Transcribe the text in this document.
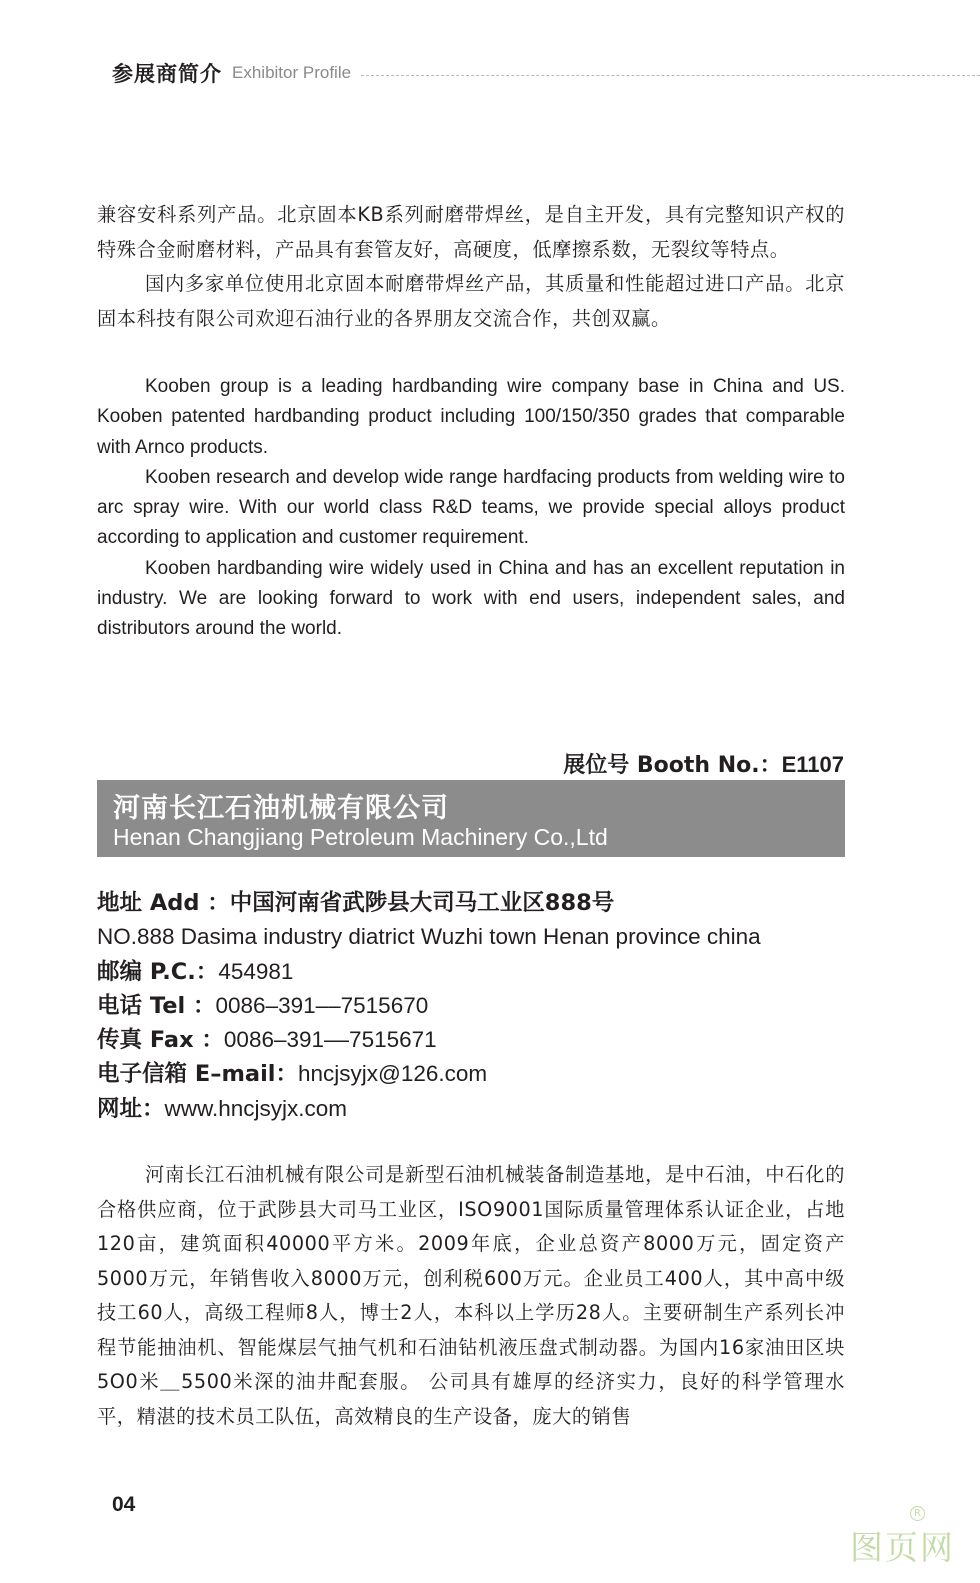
参展商简介 Exhibitor Profile

兼容安科系列产品。北京固本KB系列耐磨带焊丝，是自主开发，具有完整知识产权的特殊合金耐磨材料，产品具有套管友好，高硬度，低摩擦系数，无裂纹等特点。

国内多家单位使用北京固本耐磨带焊丝产品，其质量和性能超过进口产品。北京固本科技有限公司欢迎石油行业的各界朋友交流合作，共创双赢。

Kooben group is a leading hardbanding wire company base in China and US. Kooben patented hardbanding product including 100/150/350 grades that comparable with Arnco products.

Kooben research and develop wide range hardfacing products from welding wire to arc spray wire. With our world class R&D teams, we provide special alloys product according to application and customer requirement.

Kooben hardbanding wire widely used in China and has an excellent reputation in industry. We are looking forward to work with end users, independent sales, and distributors around the world.

展位号 Booth No.：E1107
河南长江石油机械有限公司
Henan Changjiang Petroleum Machinery Co.,Ltd
地址 Add ：中国河南省武陟县大司马工业区888号
NO.888 Dasima industry diatrict Wuzhi town Henan province china
邮编 P.C.：454981
电话 Tel ：0086–391––7515670
传真 Fax ：0086–391––7515671
电子信箱 E–mail：hncjsyjx@126.com
网址：www.hncjsyjx.com

河南长江石油机械有限公司是新型石油机械装备制造基地，是中石油，中石化的合格供应商，位于武陟县大司马工业区，ISO9001国际质量管理体系认证企业，占地120亩，建筑面积40000平方米。2009年底，企业总资产8000万元，固定资产5000万元，年销售收入8000万元，创利税600万元。企业员工400人，其中高中级技工60人，高级工程师8人，博士2人，本科以上学历28人。主要研制生产系列长冲程节能抽油机、智能煤层气抽气机和石油钻机液压盘式制动器。为国内16家油田区块5O0米＿5500米深的油井配套服。 公司具有雄厚的经济实力，良好的科学管理水平，精湛的技术员工队伍，高效精良的生产设备，庞大的销售

04
图页网
R
